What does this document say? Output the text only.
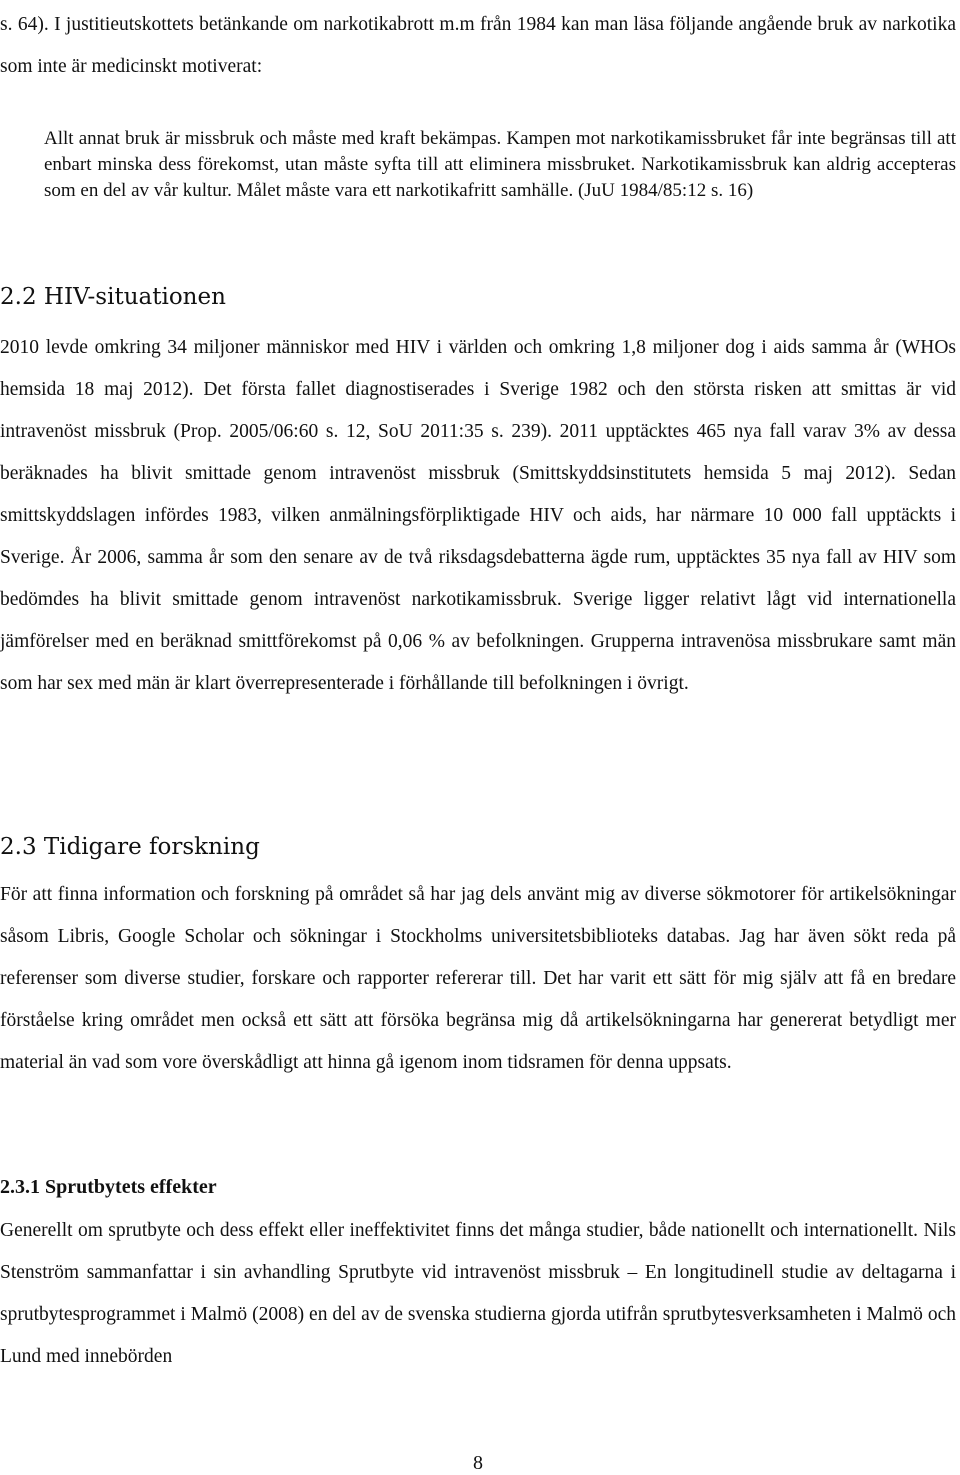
s. 64). I justitieutskottets betänkande om narkotikabrott m.m från 1984 kan man läsa följande angående bruk av narkotika som inte är medicinskt motiverat:

Allt annat bruk är missbruk och måste med kraft bekämpas. Kampen mot narkotikamissbruket får inte begränsas till att enbart minska dess förekomst, utan måste syfta till att eliminera missbruket. Narkotikamissbruk kan aldrig accepteras som en del av vår kultur. Målet måste vara ett narkotikafritt samhälle. (JuU 1984/85:12 s. 16)

2.2 HIV-situationen

2010 levde omkring 34 miljoner människor med HIV i världen och omkring 1,8 miljoner dog i aids samma år (WHOs hemsida 18 maj 2012). Det första fallet diagnostiserades i Sverige 1982 och den största risken att smittas är vid intravenöst missbruk (Prop. 2005/06:60 s. 12, SoU 2011:35 s. 239). 2011 upptäcktes 465 nya fall varav 3% av dessa beräknades ha blivit smittade genom intravenöst missbruk (Smittskyddsinstitutets hemsida 5 maj 2012). Sedan smittskyddslagen infördes 1983, vilken anmälningsförpliktigade HIV och aids, har närmare 10 000 fall upptäckts i Sverige. År 2006, samma år som den senare av de två riksdagsdebatterna ägde rum, upptäcktes 35 nya fall av HIV som bedömdes ha blivit smittade genom intravenöst narkotikamissbruk. Sverige ligger relativt lågt vid internationella jämförelser med en beräknad smittförekomst på 0,06 % av befolkningen. Grupperna intravenösa missbrukare samt män som har sex med män är klart överrepresenterade i förhållande till befolkningen i övrigt.

2.3 Tidigare forskning

För att finna information och forskning på området så har jag dels använt mig av diverse sökmotorer för artikelsökningar såsom Libris, Google Scholar och sökningar i Stockholms universitetsbiblioteks databas. Jag har även sökt reda på referenser som diverse studier, forskare och rapporter refererar till. Det har varit ett sätt för mig själv att få en bredare förståelse kring området men också ett sätt att försöka begränsa mig då artikelsökningarna har genererat betydligt mer material än vad som vore överskådligt att hinna gå igenom inom tidsramen för denna uppsats.

2.3.1 Sprutbytets effekter

Generellt om sprutbyte och dess effekt eller ineffektivitet finns det många studier, både nationellt och internationellt. Nils Stenström sammanfattar i sin avhandling Sprutbyte vid intravenöst missbruk – En longitudinell studie av deltagarna i sprutbytesprogrammet i Malmö (2008) en del av de svenska studierna gjorda utifrån sprutbytesverksamheten i Malmö och Lund med innebörden

8
